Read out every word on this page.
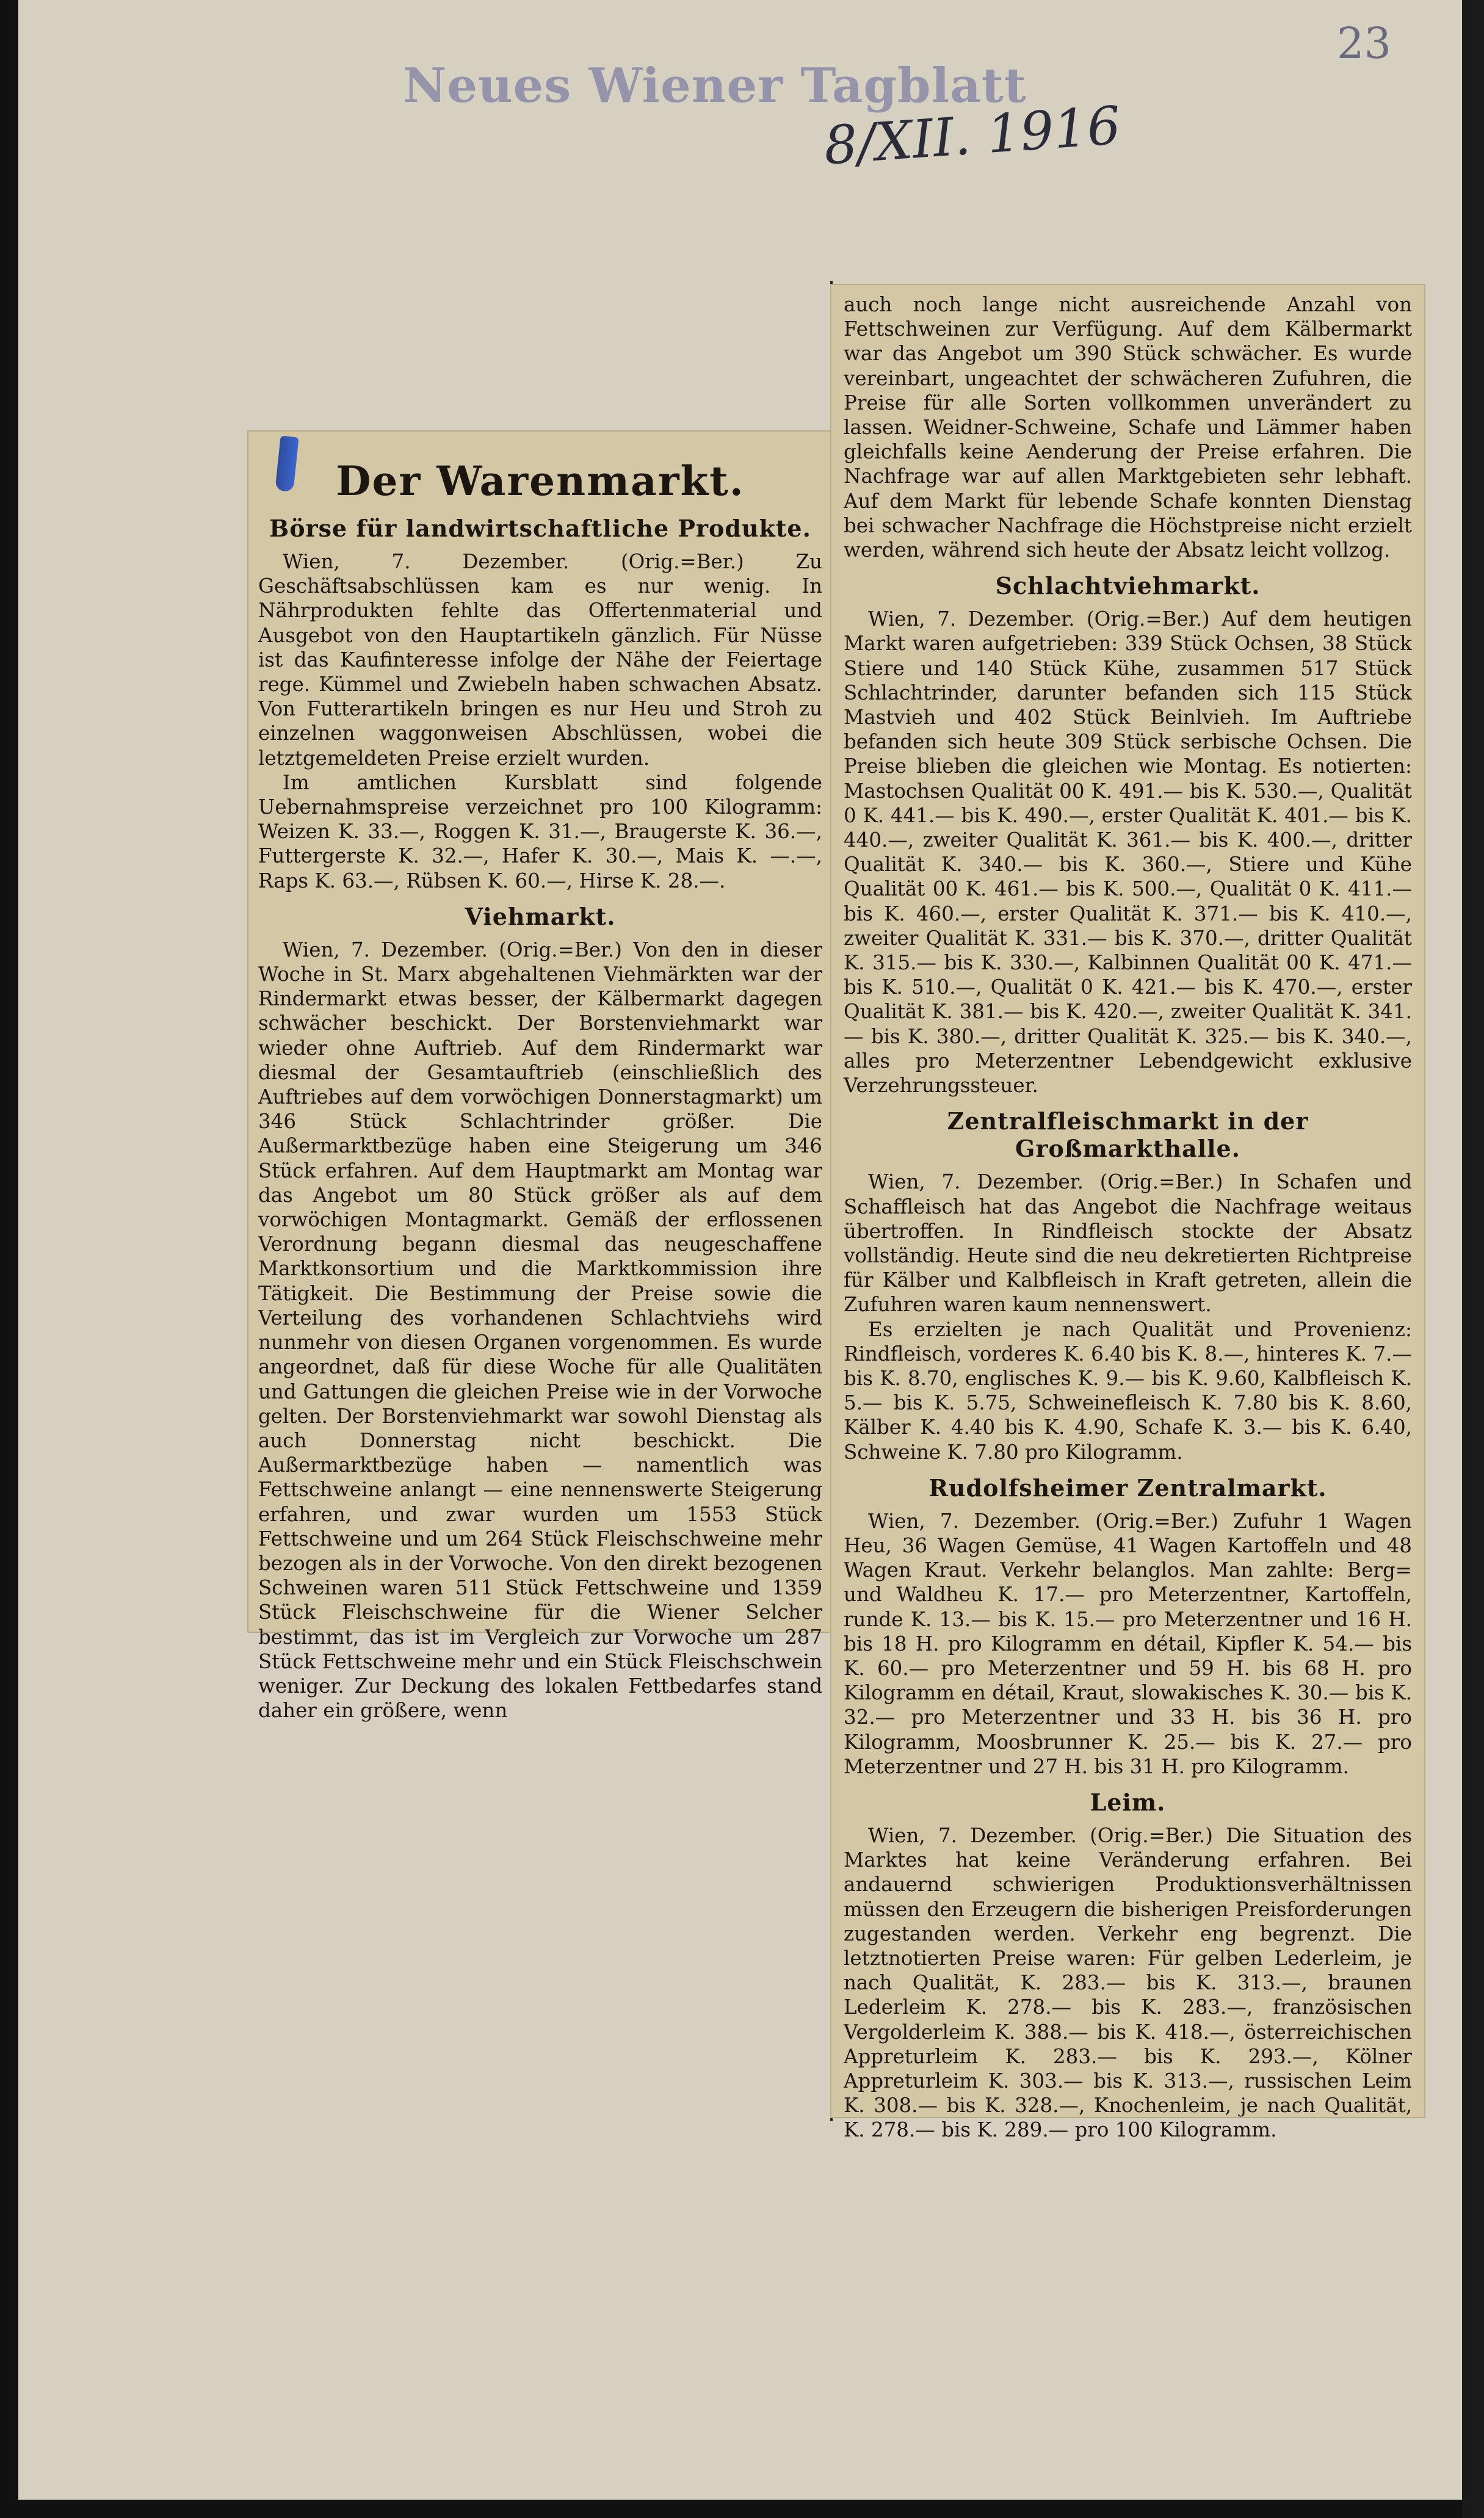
23
Neues Wiener Tagblatt
8/XII. 1916
Der Warenmarkt.
Börse für landwirtschaftliche Produkte.

Wien, 7. Dezember. (Orig.=Ber.) Zu Geschäftsabschlüssen kam es nur wenig. In Nährprodukten fehlte das Offertenmaterial und Ausgebot von den Hauptartikeln gänzlich. Für Nüsse ist das Kaufinteresse infolge der Nähe der Feiertage rege. Kümmel und Zwiebeln haben schwachen Absatz. Von Futterartikeln bringen es nur Heu und Stroh zu einzelnen waggonweisen Abschlüssen, wobei die letztgemeldeten Preise erzielt wurden.

Im amtlichen Kursblatt sind folgende Uebernahmspreise verzeichnet pro 100 Kilogramm: Weizen K. 33.—, Roggen K. 31.—, Braugerste K. 36.—, Futtergerste K. 32.—, Hafer K. 30.—, Mais K. —.—, Raps K. 63.—, Rübsen K. 60.—, Hirse K. 28.—.

Viehmarkt.

Wien, 7. Dezember. (Orig.=Ber.) Von den in dieser Woche in St. Marx abgehaltenen Viehmärkten war der Rindermarkt etwas besser, der Kälbermarkt dagegen schwächer beschickt. Der Borstenviehmarkt war wieder ohne Auftrieb. Auf dem Rindermarkt war diesmal der Gesamtauftrieb (einschließlich des Auftriebes auf dem vorwöchigen Donnerstagmarkt) um 346 Stück Schlachtrinder größer. Die Außermarktbezüge haben eine Steigerung um 346 Stück erfahren. Auf dem Hauptmarkt am Montag war das Angebot um 80 Stück größer als auf dem vorwöchigen Montagmarkt. Gemäß der erflossenen Verordnung begann diesmal das neugeschaffene Marktkonsortium und die Marktkommission ihre Tätigkeit. Die Bestimmung der Preise sowie die Verteilung des vorhandenen Schlachtviehs wird nunmehr von diesen Organen vorgenommen. Es wurde angeordnet, daß für diese Woche für alle Qualitäten und Gattungen die gleichen Preise wie in der Vorwoche gelten. Der Borstenviehmarkt war sowohl Dienstag als auch Donnerstag nicht beschickt. Die Außermarktbezüge haben — namentlich was Fettschweine anlangt — eine nennenswerte Steigerung erfahren, und zwar wurden um 1553 Stück Fettschweine und um 264 Stück Fleischschweine mehr bezogen als in der Vorwoche. Von den direkt bezogenen Schweinen waren 511 Stück Fettschweine und 1359 Stück Fleischschweine für die Wiener Selcher bestimmt, das ist im Vergleich zur Vorwoche um 287 Stück Fettschweine mehr und ein Stück Fleischschwein weniger. Zur Deckung des lokalen Fettbedarfes stand daher ein größere, wenn

auch noch lange nicht ausreichende Anzahl von Fettschweinen zur Verfügung. Auf dem Kälbermarkt war das Angebot um 390 Stück schwächer. Es wurde vereinbart, ungeachtet der schwächeren Zufuhren, die Preise für alle Sorten vollkommen unverändert zu lassen. Weidner-Schweine, Schafe und Lämmer haben gleichfalls keine Aenderung der Preise erfahren. Die Nachfrage war auf allen Marktgebieten sehr lebhaft. Auf dem Markt für lebende Schafe konnten Dienstag bei schwacher Nachfrage die Höchstpreise nicht erzielt werden, während sich heute der Absatz leicht vollzog.

Schlachtviehmarkt.

Wien, 7. Dezember. (Orig.=Ber.) Auf dem heutigen Markt waren aufgetrieben: 339 Stück Ochsen, 38 Stück Stiere und 140 Stück Kühe, zusammen 517 Stück Schlachtrinder, darunter befanden sich 115 Stück Mastvieh und 402 Stück Beinlvieh. Im Auftriebe befanden sich heute 309 Stück serbische Ochsen. Die Preise blieben die gleichen wie Montag. Es notierten: Mastochsen Qualität 00 K. 491.— bis K. 530.—, Qualität 0 K. 441.— bis K. 490.—, erster Qualität K. 401.— bis K. 440.—, zweiter Qualität K. 361.— bis K. 400.—, dritter Qualität K. 340.— bis K. 360.—, Stiere und Kühe Qualität 00 K. 461.— bis K. 500.—, Qualität 0 K. 411.— bis K. 460.—, erster Qualität K. 371.— bis K. 410.—, zweiter Qualität K. 331.— bis K. 370.—, dritter Qualität K. 315.— bis K. 330.—, Kalbinnen Qualität 00 K. 471.— bis K. 510.—, Qualität 0 K. 421.— bis K. 470.—, erster Qualität K. 381.— bis K. 420.—, zweiter Qualität K. 341.— bis K. 380.—, dritter Qualität K. 325.— bis K. 340.—, alles pro Meterzentner Lebendgewicht exklusive Verzehrungssteuer.

Zentralfleischmarkt in der Großmarkthalle.

Wien, 7. Dezember. (Orig.=Ber.) In Schafen und Schaffleisch hat das Angebot die Nachfrage weitaus übertroffen. In Rindfleisch stockte der Absatz vollständig. Heute sind die neu dekretierten Richtpreise für Kälber und Kalbfleisch in Kraft getreten, allein die Zufuhren waren kaum nennenswert.

Es erzielten je nach Qualität und Provenienz: Rindfleisch, vorderes K. 6.40 bis K. 8.—, hinteres K. 7.— bis K. 8.70, englisches K. 9.— bis K. 9.60, Kalbfleisch K. 5.— bis K. 5.75, Schweinefleisch K. 7.80 bis K. 8.60, Kälber K. 4.40 bis K. 4.90, Schafe K. 3.— bis K. 6.40, Schweine K. 7.80 pro Kilogramm.

Rudolfsheimer Zentralmarkt.

Wien, 7. Dezember. (Orig.=Ber.) Zufuhr 1 Wagen Heu, 36 Wagen Gemüse, 41 Wagen Kartoffeln und 48 Wagen Kraut. Verkehr belanglos. Man zahlte: Berg= und Waldheu K. 17.— pro Meterzentner, Kartoffeln, runde K. 13.— bis K. 15.— pro Meterzentner und 16 H. bis 18 H. pro Kilogramm en détail, Kipfler K. 54.— bis K. 60.— pro Meterzentner und 59 H. bis 68 H. pro Kilogramm en détail, Kraut, slowakisches K. 30.— bis K. 32.— pro Meterzentner und 33 H. bis 36 H. pro Kilogramm, Moosbrunner K. 25.— bis K. 27.— pro Meterzentner und 27 H. bis 31 H. pro Kilogramm.

Leim.

Wien, 7. Dezember. (Orig.=Ber.) Die Situation des Marktes hat keine Veränderung erfahren. Bei andauernd schwierigen Produktionsverhältnissen müssen den Erzeugern die bisherigen Preisforderungen zugestanden werden. Verkehr eng begrenzt. Die letztnotierten Preise waren: Für gelben Lederleim, je nach Qualität, K. 283.— bis K. 313.—, braunen Lederleim K. 278.— bis K. 283.—, französischen Vergolderleim K. 388.— bis K. 418.—, österreichischen Appreturleim K. 283.— bis K. 293.—, Kölner Appreturleim K. 303.— bis K. 313.—, russischen Leim K. 308.— bis K. 328.—, Knochenleim, je nach Qualität, K. 278.— bis K. 289.— pro 100 Kilogramm.
